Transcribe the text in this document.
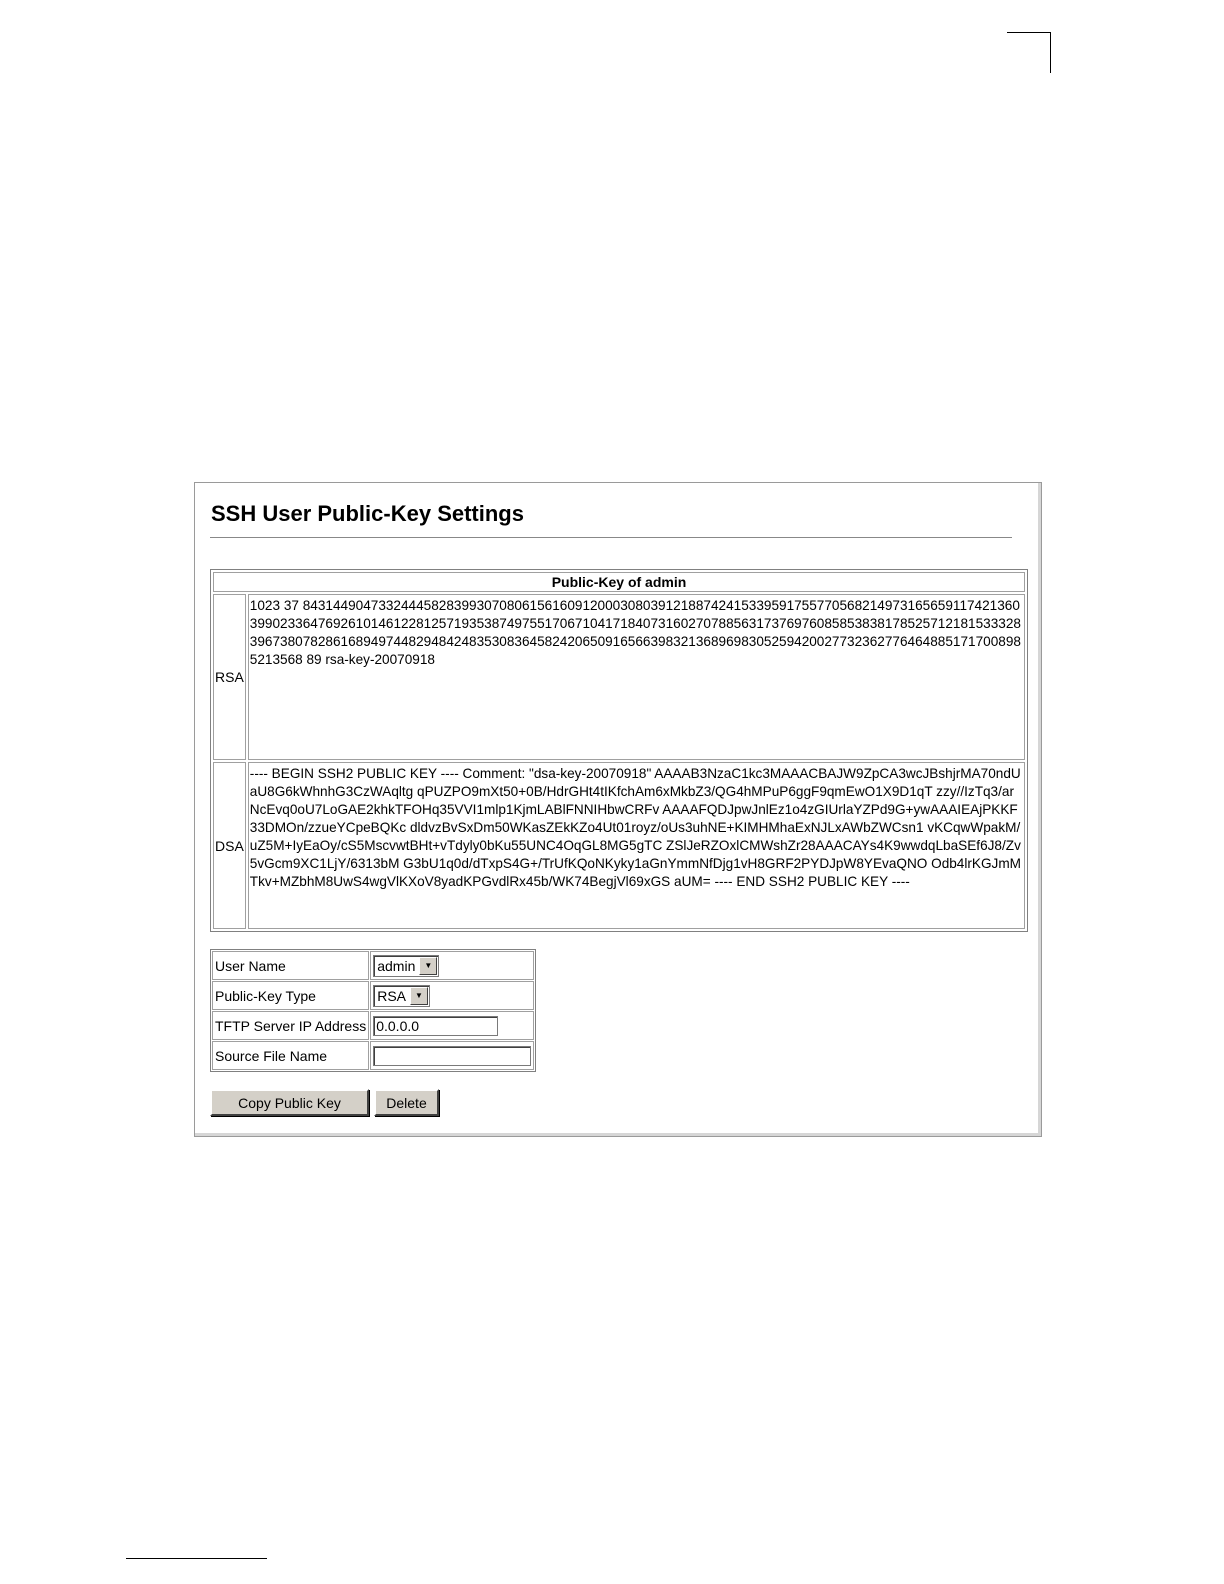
SSH User Public-Key Settings
Public-Key of admin	
RSA	1023 37 843144904733244458283993070806156160912000308039121887424153395917557705682149731656591174213603990233647692610146122812571935387497551706710417184073160270788563173769760858538381785257121815333283967380782861689497448294842483530836458242065091656639832136896983052594200277323627764648851717008985213568 89 rsa-key-20070918
DSA	---- BEGIN SSH2 PUBLIC KEY ---- Comment: "dsa-key-20070918" AAAAB3NzaC1kc3MAAACBAJW9ZpCA3wcJBshjrMA70ndUaU8G6kWhnhG3CzWAqltg qPUZPO9mXt50+0B/HdrGHt4tIKfchAm6xMkbZ3/QG4hMPuP6ggF9qmEwO1X9D1qT zzy//IzTq3/arNcEvq0oU7LoGAE2khkTFOHq35VVI1mlp1KjmLABlFNNIHbwCRFv AAAAFQDJpwJnlEz1o4zGIUrlaYZPd9G+ywAAAIEAjPKKF33DMOn/zzueYCpeBQKc dldvzBvSxDm50WKasZEkKZo4Ut01royz/oUs3uhNE+KIMHMhaExNJLxAWbZWCsn1 vKCqwWpakM/uZ5M+IyEaOy/cS5MscvwtBHt+vTdyly0bKu55UNC4OqGL8MG5gTC ZSlJeRZOxlCMWshZr28AAACAYs4K9wwdqLbaSEf6J8/Zv5vGcm9XC1LjY/6313bM G3bU1q0d/dTxpS4G+/TrUfKQoNKyky1aGnYmmNfDjg1vH8GRF2PYDJpW8YEvaQNO Odb4lrKGJmMTkv+MZbhM8UwS4wgVlKXoV8yadKPGvdlRx45b/WK74BegjVl69xGS aUM= ---- END SSH2 PUBLIC KEY ----
User Name	admin ▼

Public-Key Type	RSA ▼

TFTP Server IP Address	0.0.0.0
Source File Name	
Copy Public Key	Delete
